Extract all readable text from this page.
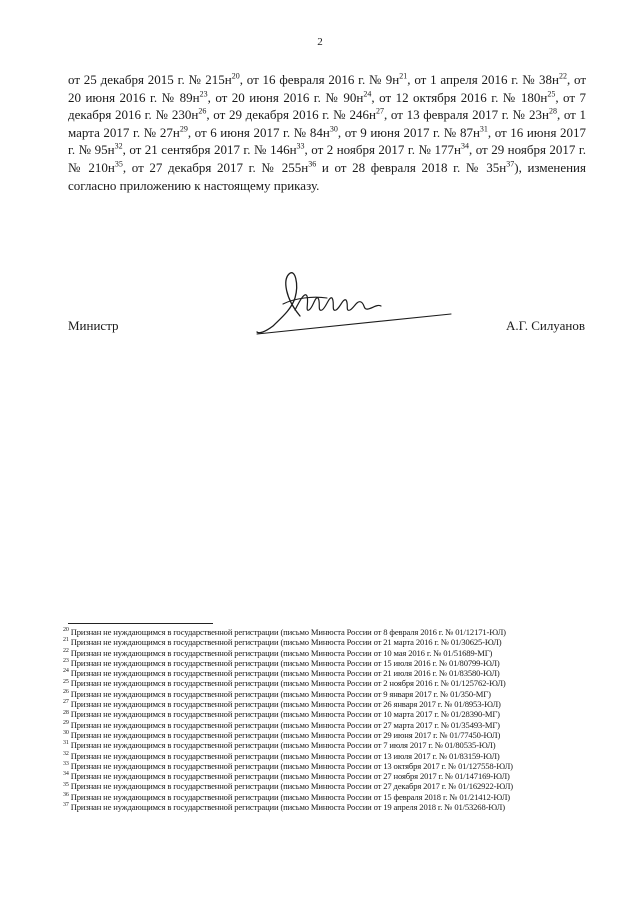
2
от 25 декабря 2015 г. № $215н^{20}$, от 16 февраля 2016 г. № $9н^{21}$, от 1 апреля 2016 г. № $38н^{22}$, от 20 июня 2016 г. № $89н^{23}$, от 20 июня 2016 г. № $90н^{24}$, от 12 октября 2016 г. № $180н^{25}$, от 7 декабря 2016 г. № $230н^{26}$, от 29 декабря 2016 г. № $246н^{27}$, от 13 февраля 2017 г. № $23н^{28}$, от 1 марта 2017 г. № $27н^{29}$, от 6 июня 2017 г. № $84н^{30}$, от 9 июня 2017 г. № $87н^{31}$, от 16 июня 2017 г. № $95н^{32}$, от 21 сентября 2017 г. № $146н^{33}$, от 2 ноября 2017 г. № $177н^{34}$, от 29 ноября 2017 г. № $210н^{35}$, от 27 декабря 2017 г. № $255н^{36}$ и от 28 февраля 2018 г. № $35н^{37}$), изменения согласно приложению к настоящему приказу.
Министр	А.Г. Силуанов
$^{20}$ Признан не нуждающимся в государственной регистрации (письмо Минюста России от 8 февраля 2016 г. № 01/12171-ЮЛ)
$^{21}$ Признан не нуждающимся в государственной регистрации (письмо Минюста России от 21 марта 2016 г. № 01/30625-ЮЛ)
$^{22}$ Признан не нуждающимся в государственной регистрации (письмо Минюста России от 10 мая 2016 г. № 01/51689-МГ)
$^{23}$ Признан не нуждающимся в государственной регистрации (письмо Минюста России от 15 июля 2016 г. № 01/80799-ЮЛ)
$^{24}$ Признан не нуждающимся в государственной регистрации (письмо Минюста России от 21 июля 2016 г. № 01/83580-ЮЛ)
$^{25}$ Признан не нуждающимся в государственной регистрации (письмо Минюста России от 2 ноября 2016 г. № 01/125762-ЮЛ)
$^{26}$ Признан не нуждающимся в государственной регистрации (письмо Минюста России от 9 января 2017 г. № 01/350-МГ)
$^{27}$ Признан не нуждающимся в государственной регистрации (письмо Минюста России от 26 января 2017 г. № 01/8953-ЮЛ)
$^{28}$ Признан не нуждающимся в государственной регистрации (письмо Минюста России от 10 марта 2017 г. № 01/28390-МГ)
$^{29}$ Признан не нуждающимся в государственной регистрации (письмо Минюста России от 27 марта 2017 г. № 01/35493-МГ)
$^{30}$ Признан не нуждающимся в государственной регистрации (письмо Минюста России от 29 июня 2017 г. № 01/77450-ЮЛ)
$^{31}$ Признан не нуждающимся в государственной регистрации (письмо Минюста России от 7 июля 2017 г. № 01/80535-ЮЛ)
$^{32}$ Признан не нуждающимся в государственной регистрации (письмо Минюста России от 13 июля 2017 г. № 01/83159-ЮЛ)
$^{33}$ Признан не нуждающимся в государственной регистрации (письмо Минюста России от 13 октября 2017 г. № 01/127558-ЮЛ)
$^{34}$ Признан не нуждающимся в государственной регистрации (письмо Минюста России от 27 ноября 2017 г. № 01/147169-ЮЛ)
$^{35}$ Признан не нуждающимся в государственной регистрации (письмо Минюста России от 27 декабря 2017 г. № 01/162922-ЮЛ)
$^{36}$ Признан не нуждающимся в государственной регистрации (письмо Минюста России от 15 февраля 2018 г. № 01/21412-ЮЛ)
$^{37}$ Признан не нуждающимся в государственной регистрации (письмо Минюста России от 19 апреля 2018 г. № 01/53268-ЮЛ)
